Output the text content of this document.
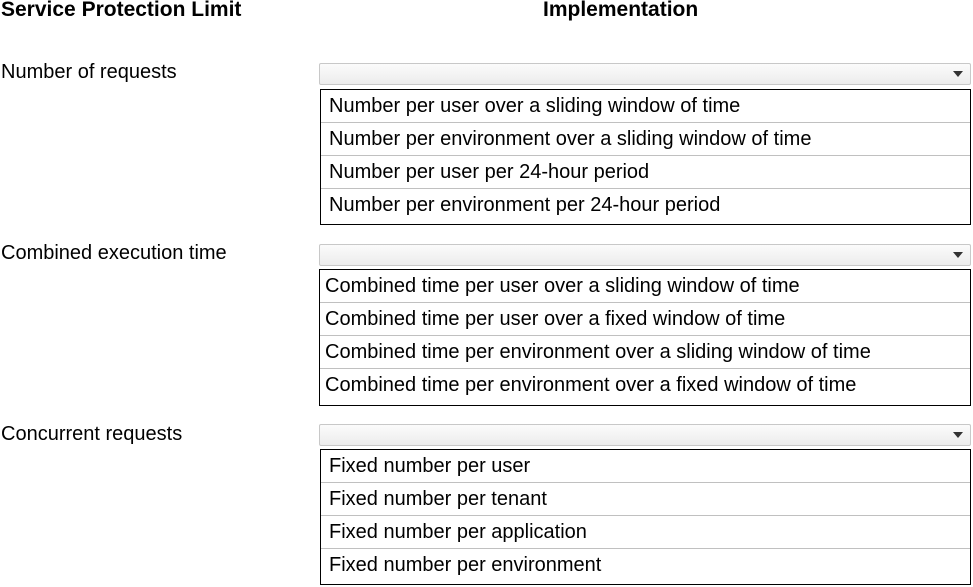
Service Protection Limit	Implementation
Number of requests
Number per user over a sliding window of time
Number per environment over a sliding window of time
Number per user per 24-hour period
Number per environment per 24-hour period
Combined execution time
Combined time per user over a sliding window of time
Combined time per user over a fixed window of time
Combined time per environment over a sliding window of time
Combined time per environment over a fixed window of time
Concurrent requests
Fixed number per user
Fixed number per tenant
Fixed number per application
Fixed number per environment
